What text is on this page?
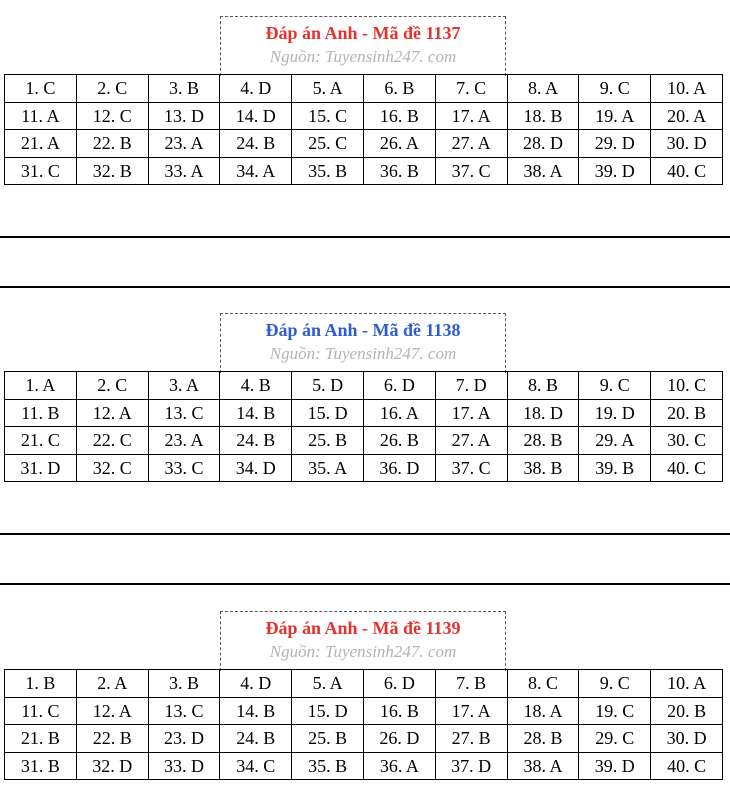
Đáp án Anh - Mã đề 1137
Nguồn: Tuyensinh247. com
1. C	2. C	3. B	4. D	5. A	6. B	7. C	8. A	9. C	10. A
11. A	12. C	13. D	14. D	15. C	16. B	17. A	18. B	19. A	20. A
21. A	22. B	23. A	24. B	25. C	26. A	27. A	28. D	29. D	30. D
31. C	32. B	33. A	34. A	35. B	36. B	37. C	38. A	39. D	40. C
Đáp án Anh - Mã đề 1138
Nguồn: Tuyensinh247. com
1. A	2. C	3. A	4. B	5. D	6. D	7. D	8. B	9. C	10. C
11. B	12. A	13. C	14. B	15. D	16. A	17. A	18. D	19. D	20. B
21. C	22. C	23. A	24. B	25. B	26. B	27. A	28. B	29. A	30. C
31. D	32. C	33. C	34. D	35. A	36. D	37. C	38. B	39. B	40. C
Đáp án Anh - Mã đề 1139
Nguồn: Tuyensinh247. com
1. B	2. A	3. B	4. D	5. A	6. D	7. B	8. C	9. C	10. A
11. C	12. A	13. C	14. B	15. D	16. B	17. A	18. A	19. C	20. B
21. B	22. B	23. D	24. B	25. B	26. D	27. B	28. B	29. C	30. D
31. B	32. D	33. D	34. C	35. B	36. A	37. D	38. A	39. D	40. C
